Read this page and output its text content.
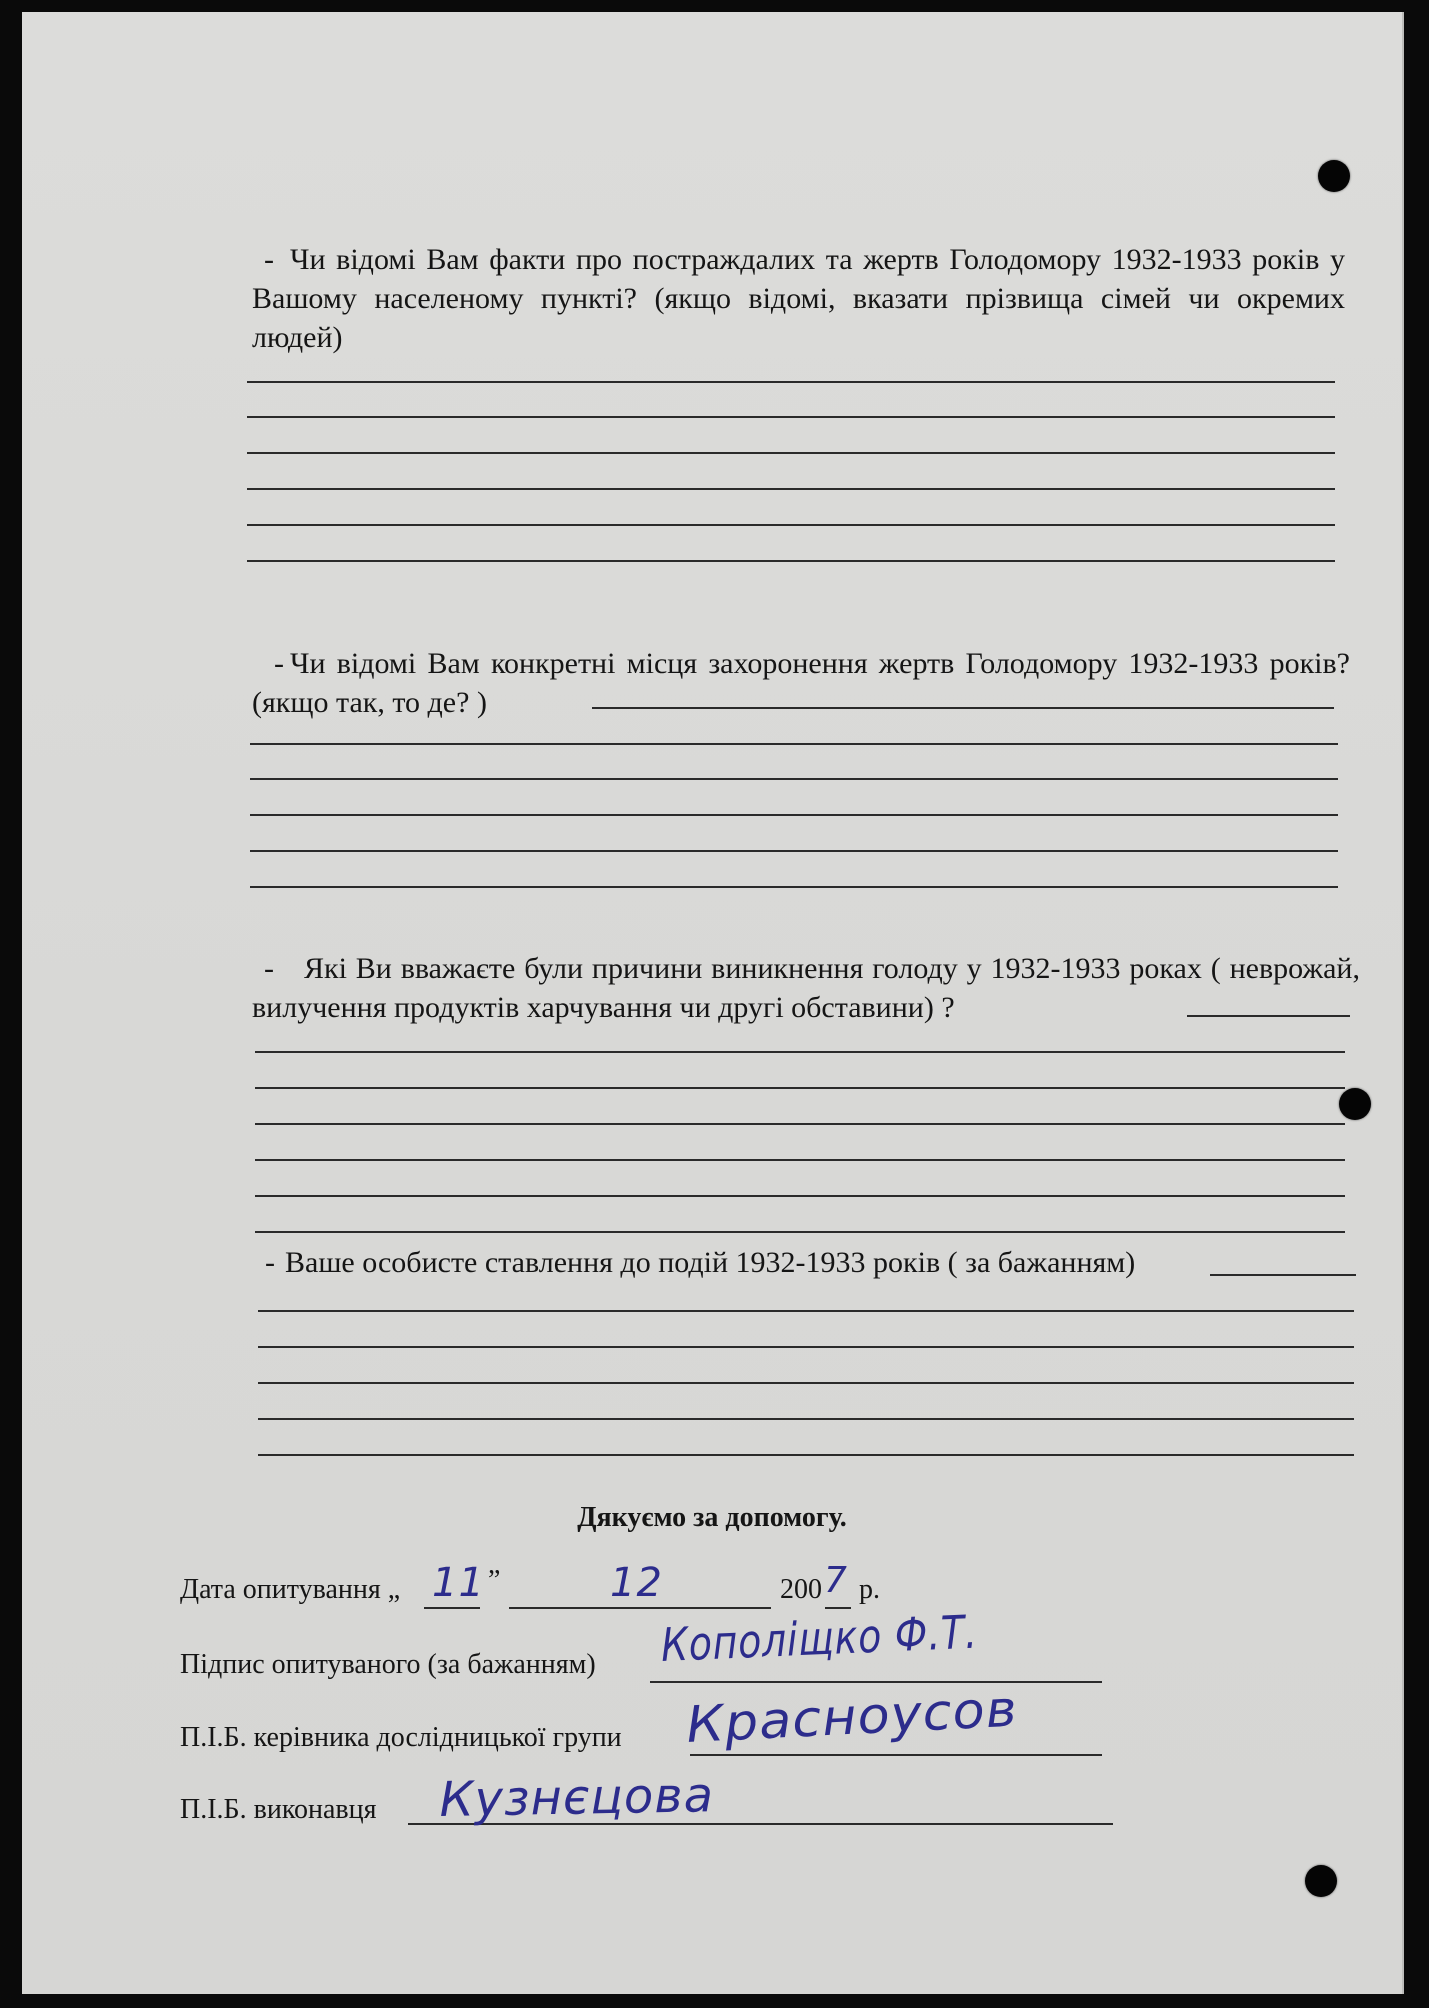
- Чи відомі Вам факти про постраждалих та жертв Голодомору 1932-1933 років у Вашому населеному пункті? (якщо відомі, вказати прізвища сімей чи окремих людей)
- Чи відомі Вам конкретні місця захоронення жертв Голодомору 1932-1933 років? (якщо так, то де? )
- Які Ви вважаєте були причини виникнення голоду у 1932-1933 роках ( неврожай, вилучення продуктів харчування чи другі обставини) ?
- Ваше особисте ставлення до подій 1932-1933 років ( за бажанням)
Дякуємо за допомогу.
Дата опитування „ 11 ”	12	200 7 р.
Підпис опитуваного (за бажанням) Кополіщко Ф.Т.
П.І.Б. керівника дослідницької групи Красноусов
П.І.Б. виконавця Кузнєцова
